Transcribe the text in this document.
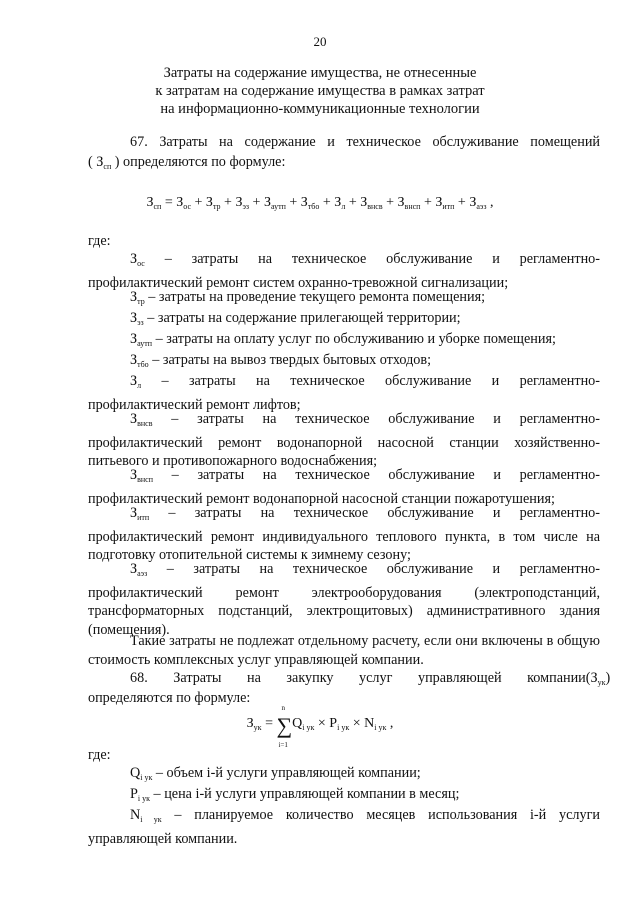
20
Затраты на содержание имущества, не отнесенные
к затратам на содержание имущества в рамках затрат
на информационно-коммуникационные технологии
67. Затраты на содержание и техническое обслуживание помещений
( $З_{сп}$ ) определяются по формуле:
$З_{сп} = З_{ос} + З_{тр} + З_{эз} + З_{аутп} + З_{тбо} + З_л + З_{внсв} + З_{внсп} + З_{итп} + З_{аэз}$ ,
где:
$З_{ос}$ – затраты на техническое обслуживание и регламентно-
профилактический ремонт систем охранно-тревожной сигнализации;
$З_{тр}$ – затраты на проведение текущего ремонта помещения;
$З_{эз}$ – затраты на содержание прилегающей территории;
$З_{аутп}$ – затраты на оплату услуг по обслуживанию и уборке помещения;
$З_{тбо}$ – затраты на вывоз твердых бытовых отходов;
$З_л$ – затраты на техническое обслуживание и регламентно-
профилактический ремонт лифтов;
$З_{внсв}$ – затраты на техническое обслуживание и регламентно-
профилактический ремонт водонапорной насосной станции хозяйственно-питьевого и противопожарного водоснабжения;
$З_{внсп}$ – затраты на техническое обслуживание и регламентно-
профилактический ремонт водонапорной насосной станции пожаротушения;
$З_{итп}$ – затраты на техническое обслуживание и регламентно-
профилактический ремонт индивидуального теплового пункта, в том числе на подготовку отопительной системы к зимнему сезону;
$З_{аэз}$ – затраты на техническое обслуживание и регламентно-
профилактический ремонт электрооборудования (электроподстанций, трансформаторных подстанций, электрощитовых) административного здания (помещения).
Такие затраты не подлежат отдельному расчету, если они включены в общую стоимость комплексных услуг управляющей компании.
68. Затраты на закупку услуг управляющей компании $(З_{ук})$
определяются по формуле:
$З_{ук}$ = ∑
n
i=1
$Q_{i ук} \times P_{i ук} \times N_{i ук}$ ,
где:
$Q_{i ук}$ – объем i-й услуги управляющей компании;
$P_{i ук}$ – цена i-й услуги управляющей компании в месяц;
$N_{i ук}$ – планируемое количество месяцев использования i-й услуги
управляющей компании.
